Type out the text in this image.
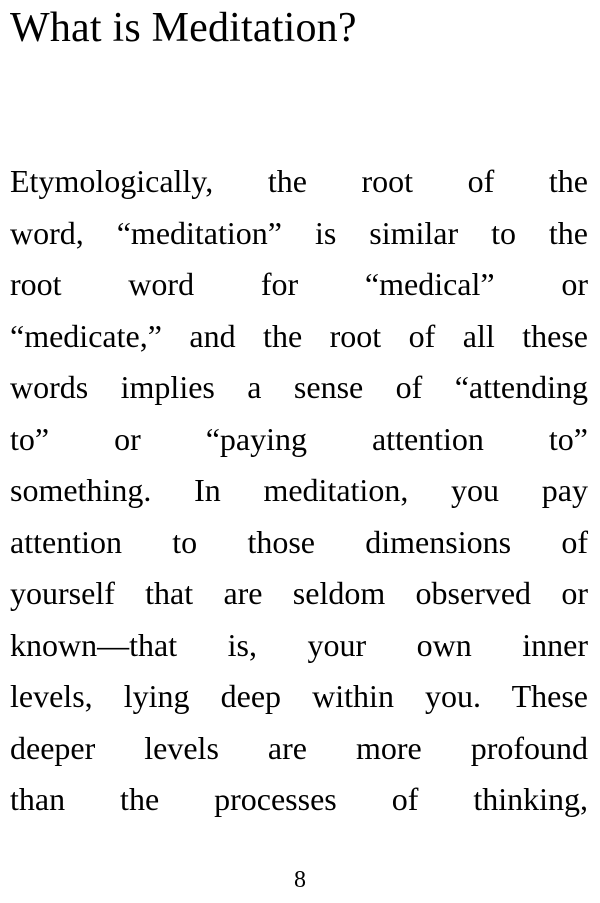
What is Meditation?
Etymologically, the root of the
word, “meditation” is similar to the
root word for “medical” or
“medicate,” and the root of all these
words implies a sense of “attending
to” or “paying attention to”
something. In meditation, you pay
attention to those dimensions of
yourself that are seldom observed or
known—that is, your own inner
levels, lying deep within you. These
deeper levels are more profound
than the processes of thinking,
8
